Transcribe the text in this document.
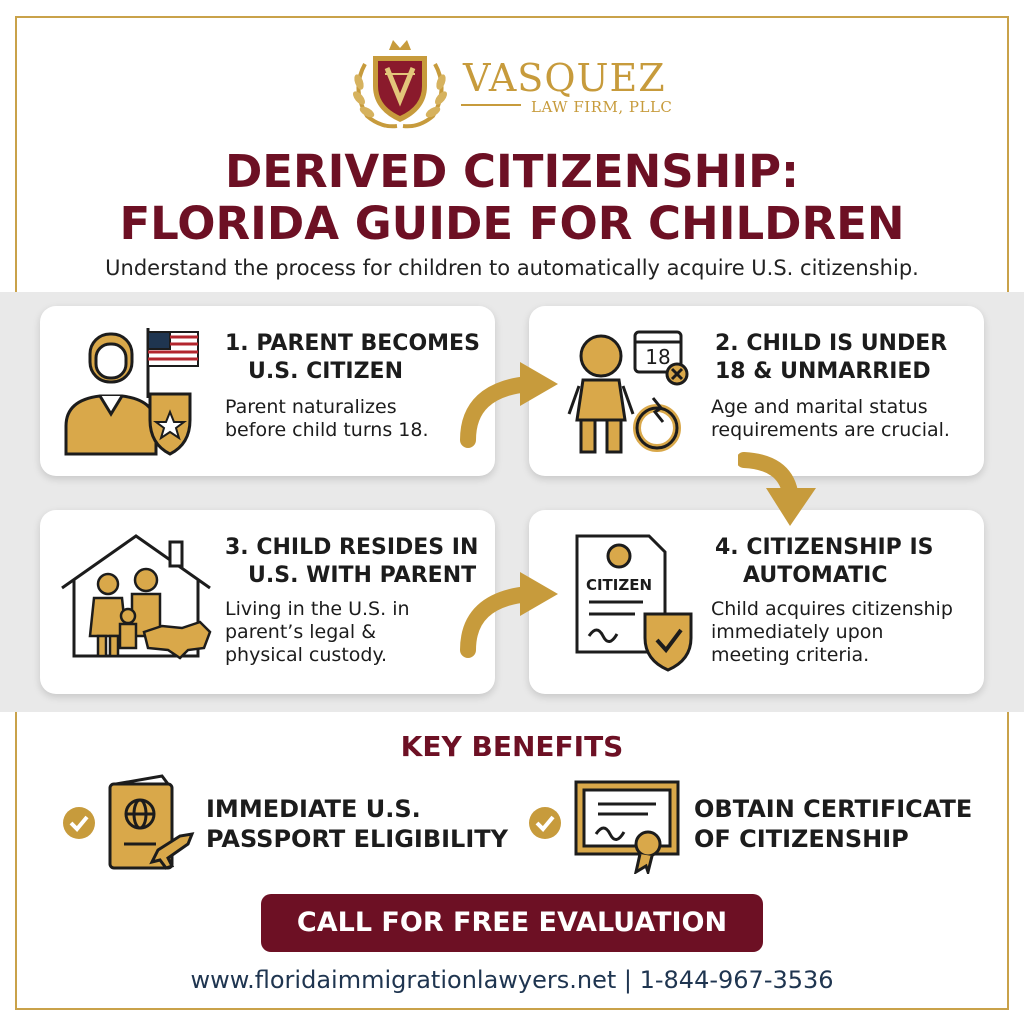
VASQUEZ
LAW FIRM, PLLC
DERIVED CITIZENSHIP:
FLORIDA GUIDE FOR CHILDREN
Understand the process for children to automatically acquire U.S. citizenship.
1. PARENT BECOMES
U.S. CITIZEN
Parent naturalizes
before child turns 18.
18
2. CHILD IS UNDER
18 & UNMARRIED
Age and marital status
requirements are crucial.
3. CHILD RESIDES IN
U.S. WITH PARENT
Living in the U.S. in
parent’s legal &
physical custody.
CITIZEN
4. CITIZENSHIP IS
AUTOMATIC
Child acquires citizenship
immediately upon
meeting criteria.
KEY BENEFITS
IMMEDIATE U.S.
PASSPORT ELIGIBILITY
OBTAIN CERTIFICATE
OF CITIZENSHIP
CALL FOR FREE EVALUATION
www.floridaimmigrationlawyers.net | 1-844-967-3536
